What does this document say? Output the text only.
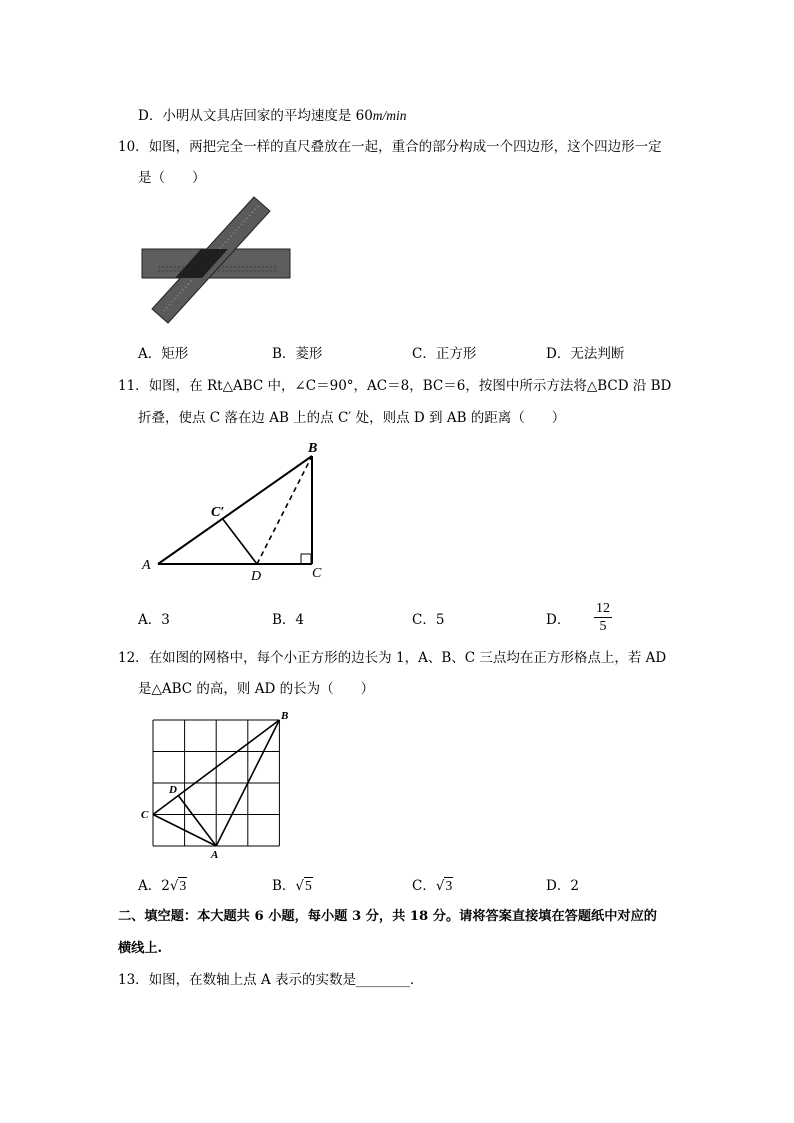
D．小明从文具店回家的平均速度是 60m/min
10．如图，两把完全一样的直尺叠放在一起，重合的部分构成一个四边形，这个四边形一定
是（　　）
A．矩形	B．菱形	C．正方形	D．无法判断
11．如图，在 Rt△ABC 中，∠C＝90°，AC＝8，BC＝6，按图中所示方法将△BCD 沿 BD
折叠，使点 C 落在边 AB 上的点 C′ 处，则点 D 到 AB 的距离（　　）
A
B
C
D
C′
A．3	B．4	C．5	D． $\frac{12}{5}$
12．在如图的网格中，每个小正方形的边长为 1，A、B、C 三点均在正方形格点上，若 AD
是△ABC 的高，则 AD 的长为（　　）
B
C
D
A
A．2√3	B．√5	C．√3	D．2
二、填空题：本大题共 6 小题，每小题 3 分，共 18 分。请将答案直接填在答题纸中对应的
横线上.
13．如图，在数轴上点 A 表示的实数是________．
